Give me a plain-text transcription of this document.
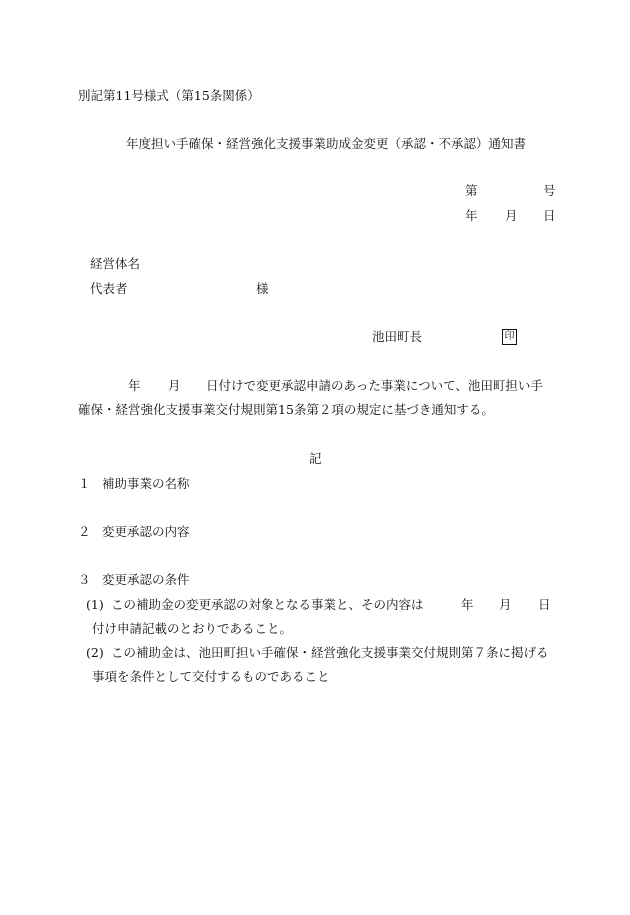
別記第11号様式（第15条関係）
年度担い手確保・経営強化支援事業助成金変更（承認・不承認）通知書
第	号
年 月 日
経営体名
代表者	様
池田町長	印
年 月 日付けで変更承認申請のあった事業について、池田町担い手
確保・経営強化支援事業交付規則第15条第２項の規定に基づき通知する。
記
１ 補助事業の名称
２ 変更承認の内容
３ 変更承認の条件
(1) この補助金の変更承認の対象となる事業と、その内容は	年 月 日
付け申請記載のとおりであること。
(2) この補助金は、池田町担い手確保・経営強化支援事業交付規則第７条に掲げる
事項を条件として交付するものであること
